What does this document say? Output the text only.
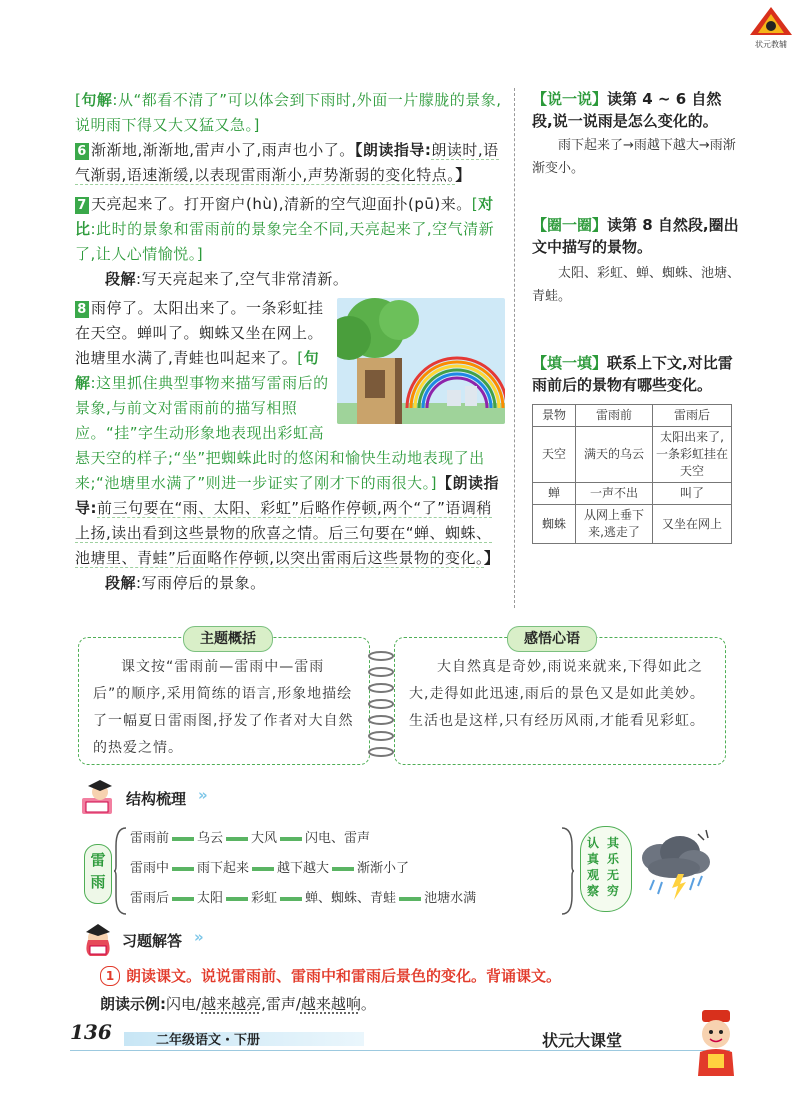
状元教辅
[句解:从“都看不清了”可以体会到下雨时,外面一片朦胧的景象,说明雨下得又大又猛又急。]
6 渐渐地,渐渐地,雷声小了,雨声也小了。【朗读指导:朗读时,语气渐弱,语速渐缓,以表现雷雨渐小,声势渐弱的变化特点。】
7 天亮起来了。打开窗户(hù),清新的空气迎面扑(pū)来。[对比:此时的景象和雷雨前的景象完全不同,天亮起来了,空气清新了,让人心情愉悦。]
段解:写天亮起来了,空气非常清新。
8 雨停了。太阳出来了。一条彩虹挂在天空。蝉叫了。蜘蛛又坐在网上。池塘里水满了,青蛙也叫起来了。[句解:这里抓住典型事物来描写雷雨后的景象,与前文对雷雨前的描写相照应。“挂”字生动形象地表现出彩虹高悬天空的样子;“坐”把蜘蛛此时的悠闲和愉快生动地表现了出来;“池塘里水满了”则进一步证实了刚才下的雨很大。]【朗读指导:前三句要在“雨、太阳、彩虹”后略作停顿,两个“了”语调稍上扬,读出看到这些景物的欣喜之情。后三句要在“蝉、蜘蛛、池塘里、青蛙”后面略作停顿,以突出雷雨后这些景物的变化。】
段解:写雨停后的景象。
【说一说】读第 4 ~ 6 自然段,说一说雨是怎么变化的。
雨下起来了→雨越下越大→雨渐渐变小。
【圈一圈】读第 8 自然段,圈出文中描写的景物。
太阳、彩虹、蝉、蜘蛛、池塘、青蛙。
【填一填】联系上下文,对比雷雨前后的景物有哪些变化。
景物	雷雨前	雷雨后
天空	满天的乌云	太阳出来了,一条彩虹挂在天空
蝉	一声不出	叫了
蜘蛛	从网上垂下来,逃走了	又坐在网上
主题概括
课文按“雷雨前—雷雨中—雷雨后”的顺序,采用简练的语言,形象地描绘了一幅夏日雷雨图,抒发了作者对大自然的热爱之情。
感悟心语
大自然真是奇妙,雨说来就来,下得如此之大,走得如此迅速,雨后的景色又是如此美妙。生活也是这样,只有经历风雨,才能看见彩虹。
结构梳理 »
雷雨
雷雨前 乌云 大风 闪电、雷声
雷雨中 雨下起来 越下越大 渐渐小了
雷雨后 太阳 彩虹 蝉、蜘蛛、青蛙 池塘水满
认真观察
其乐无穷
习题解答 »
1 朗读课文。说说雷雨前、雷雨中和雷雨后景色的变化。背诵课文。
朗读示例:闪电/越来越亮,雷声/越来越响。
136	二年级语文・下册	状元大课堂
